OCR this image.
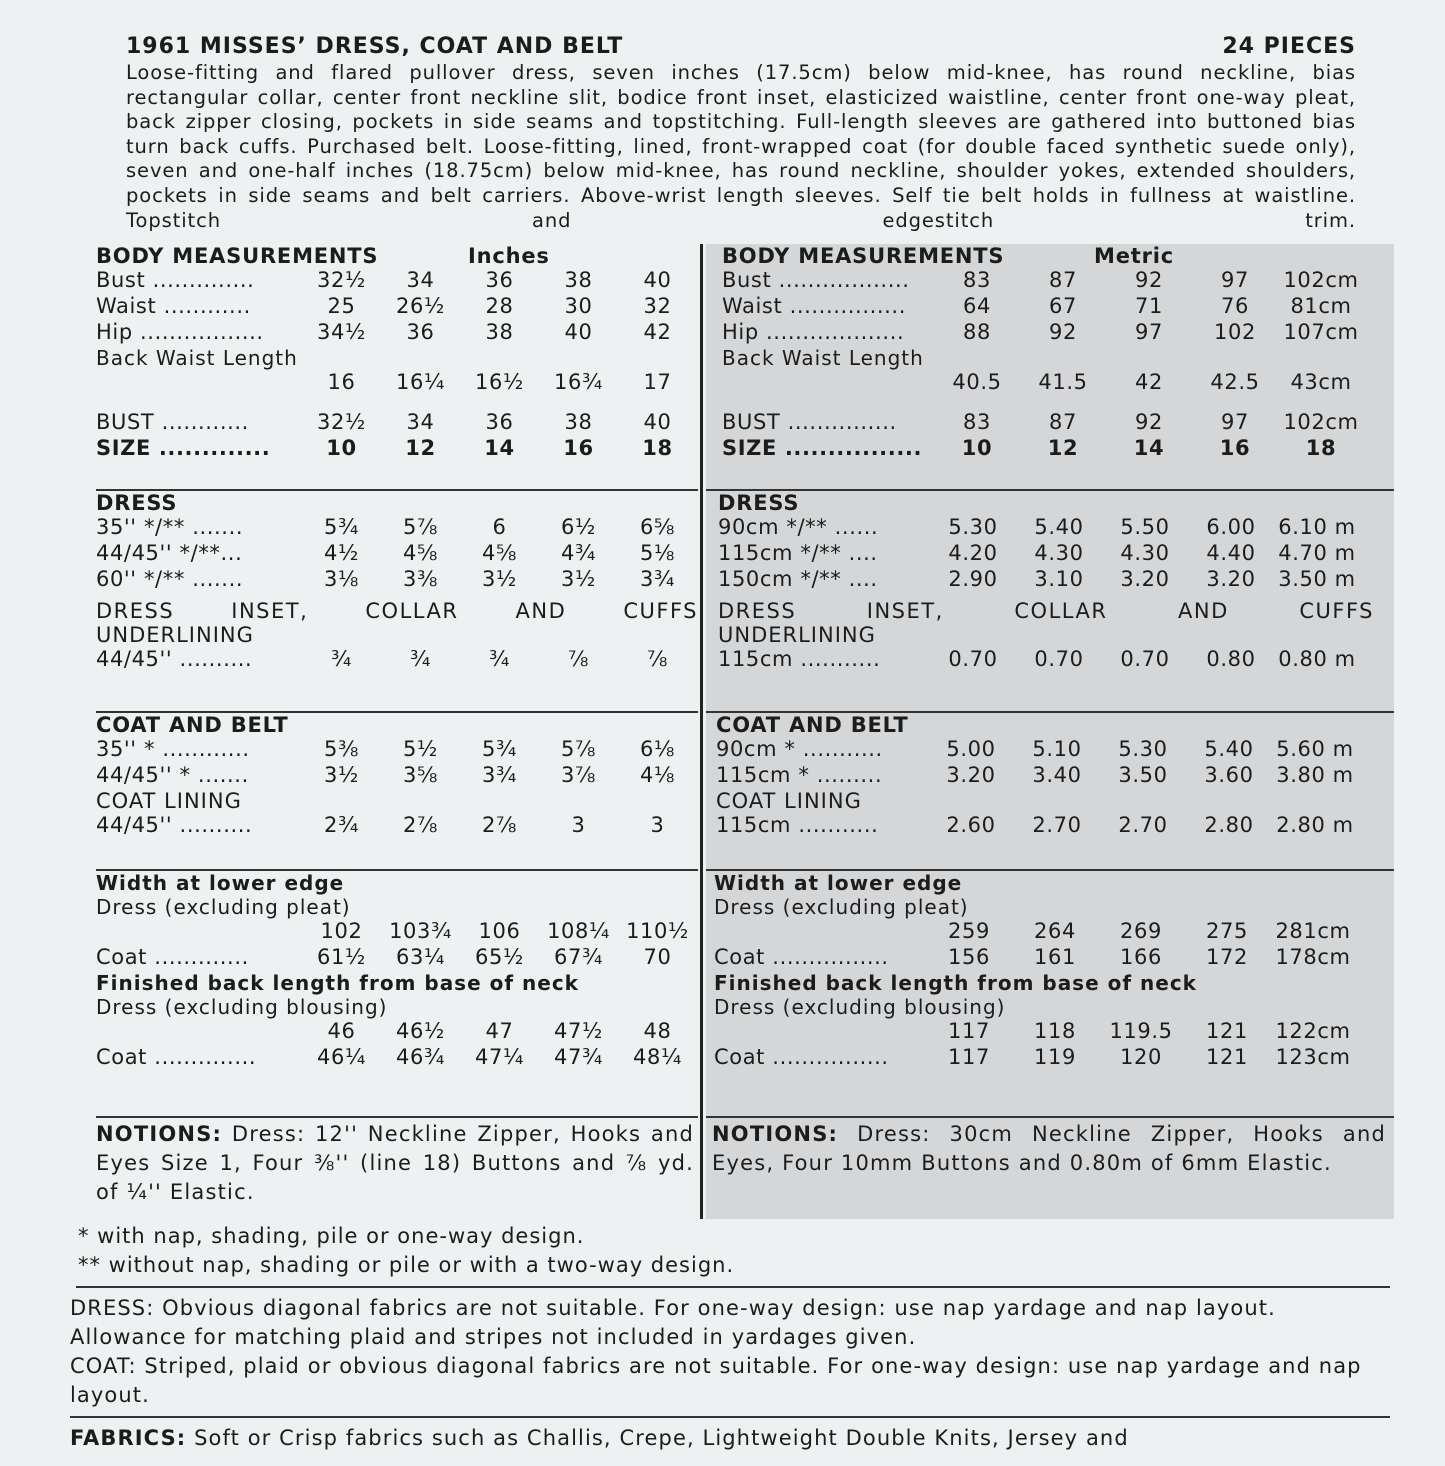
1961 MISSES’ DRESS, COAT AND BELT	24 PIECES

Loose-fitting and flared pullover dress, seven inches (17.5cm) below mid-knee, has round neckline, bias rectangular collar, center front neckline slit, bodice front inset, elasticized waistline, center front one-way pleat, back zipper closing, pockets in side seams and topstitching. Full-length sleeves are gathered into buttoned bias turn back cuffs. Purchased belt. Loose-fitting, lined, front-wrapped coat (for double faced synthetic suede only), seven and one-half inches (18.75cm) below mid-knee, has round neckline, shoulder yokes, extended shoulders, pockets in side seams and belt carriers. Above-wrist length sleeves. Self tie belt holds in fullness at waistline. Topstitch and edgestitch trim.

BODY MEASUREMENTS	Inches
Bust ..............	32½	34	36	38	40
Waist ............	25	26½	28	30	32
Hip .................	34½	36	38	40	42
Back Waist Length
16	16¼	16½	16¾	17
BUST ............	32½	34	36	38	40
SIZE .............	10	12	14	16	18
DRESS
35'' */** .......	5¾	5⅞	6	6½	6⅝
44/45'' */**...	4½	4⅝	4⅝	4¾	5⅛
60'' */** .......	3⅛	3⅜	3½	3½	3¾
DRESS INSET, COLLAR AND CUFFS
UNDERLINING
44/45'' ..........	¾	¾	¾	⅞	⅞
COAT AND BELT
35'' * ............	5⅜	5½	5¾	5⅞	6⅛
44/45'' * .......	3½	3⅝	3¾	3⅞	4⅛
COAT LINING
44/45'' ..........	2¾	2⅞	2⅞	3	3
Width at lower edge
Dress (excluding pleat)
102	103¾	106	108¼ 110½
Coat .............	61½	63¼	65½	67¾	70
Finished back length from base of neck
Dress (excluding blousing)
46	46½	47	47½	48
Coat ..............	46¼	46¾	47¼	47¾	48¼
NOTIONS: Dress: 12'' Neckline Zipper, Hooks and Eyes Size 1, Four ⅜'' (line 18) Buttons and ⅞ yd. of ¼'' Elastic.
BODY MEASUREMENTS	Metric
Bust ..................	83	87	92	97	102cm
Waist ................	64	67	71	76	81cm
Hip ...................	88	92	97	102	107cm
Back Waist Length
40.5	41.5	42	42.5	43cm
BUST ...............	83	87	92	97	102cm
SIZE ................	10	12	14	16	18
DRESS
90cm */** ......	5.30	5.40	5.50	6.00	6.10 m
115cm */** ....	4.20	4.30	4.30	4.40	4.70 m
150cm */** ....	2.90	3.10	3.20	3.20	3.50 m
DRESS INSET, COLLAR AND CUFFS
UNDERLINING
115cm ...........	0.70	0.70	0.70	0.80	0.80 m
COAT AND BELT
90cm * ...........	5.00	5.10	5.30	5.40	5.60 m
115cm * .........	3.20	3.40	3.50	3.60	3.80 m
COAT LINING
115cm ...........	2.60	2.70	2.70	2.80	2.80 m
Width at lower edge
Dress (excluding pleat)
259	264	269	275	281cm
Coat ................	156	161	166	172	178cm
Finished back length from base of neck
Dress (excluding blousing)
117	118	119.5	121	122cm
Coat ................	117	119	120	121	123cm
NOTIONS: Dress: 30cm Neckline Zipper, Hooks and Eyes, Four 10mm Buttons and 0.80m of 6mm Elastic.
* with nap, shading, pile or one-way design.
** without nap, shading or pile or with a two-way design.
DRESS: Obvious diagonal fabrics are not suitable. For one-way design: use nap yardage and nap layout. Allowance for matching plaid and stripes not included in yardages given.
COAT: Striped, plaid or obvious diagonal fabrics are not suitable. For one-way design: use nap yardage and nap layout.
FABRICS: Soft or Crisp fabrics such as Challis, Crepe, Lightweight Double Knits, Jersey and
